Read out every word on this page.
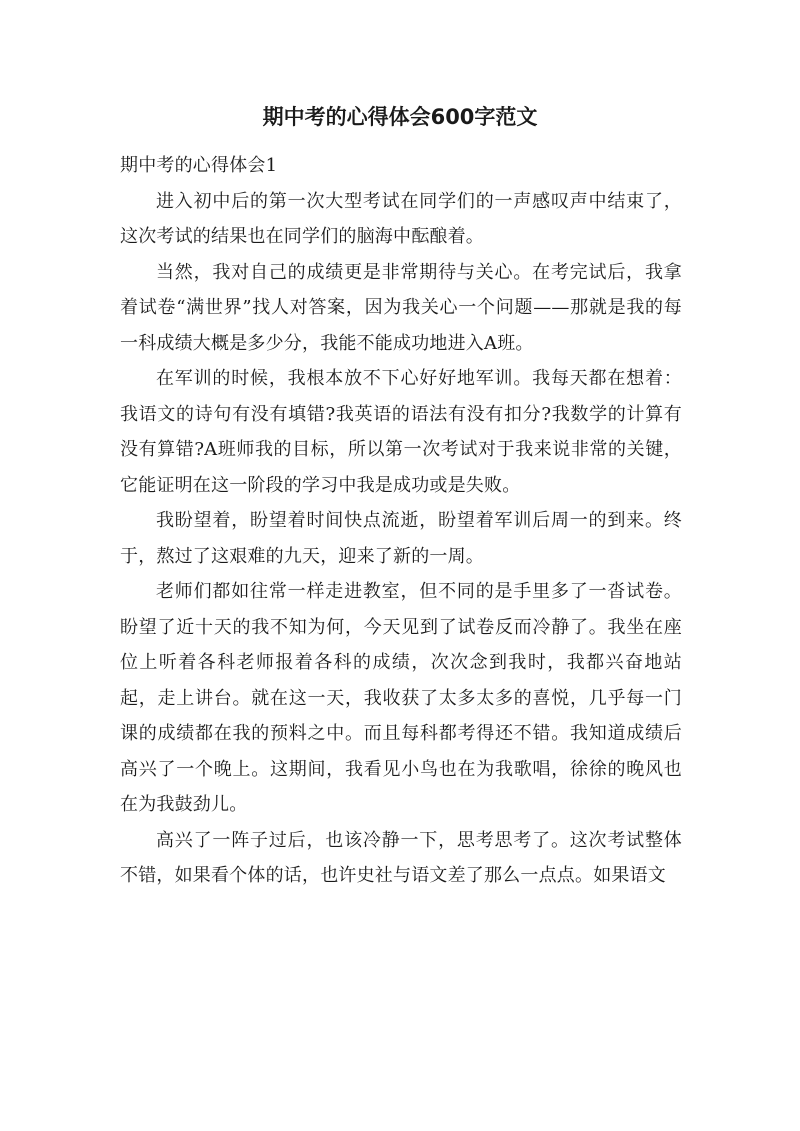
期中考的心得体会600字范文

期中考的心得体会1

进入初中后的第一次大型考试在同学们的一声感叹声中结束了，这次考试的结果也在同学们的脑海中酝酿着。

当然，我对自己的成绩更是非常期待与关心。在考完试后，我拿着试卷“满世界”找人对答案，因为我关心一个问题——那就是我的每一科成绩大概是多少分，我能不能成功地进入A班。

在军训的时候，我根本放不下心好好地军训。我每天都在想着：我语文的诗句有没有填错?我英语的语法有没有扣分?我数学的计算有没有算错?A班师我的目标，所以第一次考试对于我来说非常的关键，它能证明在这一阶段的学习中我是成功或是失败。

我盼望着，盼望着时间快点流逝，盼望着军训后周一的到来。终于，熬过了这艰难的九天，迎来了新的一周。

老师们都如往常一样走进教室，但不同的是手里多了一沓试卷。盼望了近十天的我不知为何，今天见到了试卷反而冷静了。我坐在座位上听着各科老师报着各科的成绩，次次念到我时，我都兴奋地站起，走上讲台。就在这一天，我收获了太多太多的喜悦，几乎每一门课的成绩都在我的预料之中。而且每科都考得还不错。我知道成绩后高兴了一个晚上。这期间，我看见小鸟也在为我歌唱，徐徐的晚风也在为我鼓劲儿。

高兴了一阵子过后，也该冷静一下，思考思考了。这次考试整体不错，如果看个体的话，也许史社与语文差了那么一点点。如果语文
